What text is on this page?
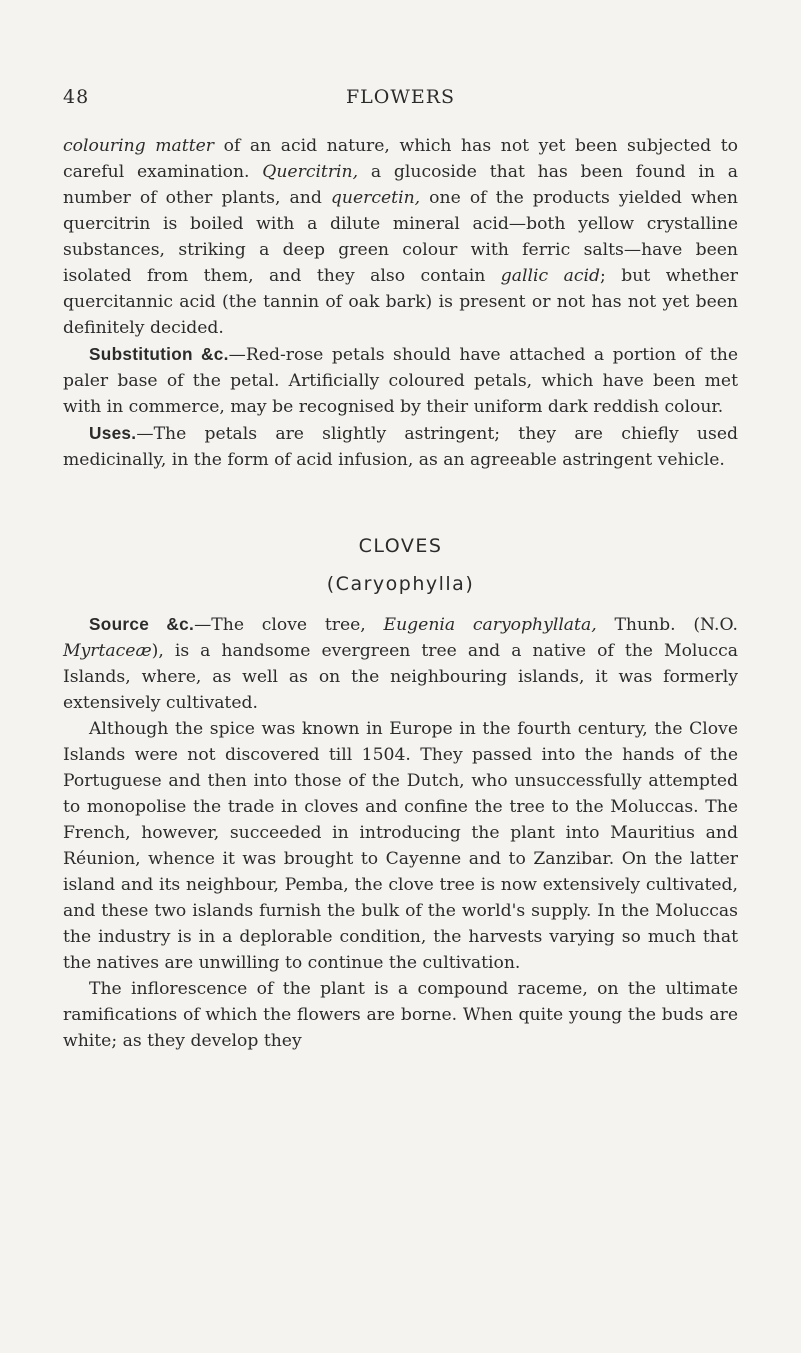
48	FLOWERS

colouring matter of an acid nature, which has not yet been subjected to careful examination. Quercitrin, a glucoside that has been found in a number of other plants, and quercetin, one of the products yielded when quercitrin is boiled with a dilute mineral acid—both yellow crystalline substances, striking a deep green colour with ferric salts—have been isolated from them, and they also contain gallic acid; but whether quercitannic acid (the tannin of oak bark) is present or not has not yet been definitely decided.

Substitution &c.—Red-rose petals should have attached a portion of the paler base of the petal. Artificially coloured petals, which have been met with in commerce, may be recognised by their uniform dark reddish colour.

Uses.—The petals are slightly astringent; they are chiefly used medicinally, in the form of acid infusion, as an agreeable astringent vehicle.

CLOVES
(Caryophylla)

Source &c.—The clove tree, Eugenia caryophyllata, Thunb. (N.O. Myrtaceæ), is a handsome evergreen tree and a native of the Molucca Islands, where, as well as on the neighbouring islands, it was formerly extensively cultivated.

Although the spice was known in Europe in the fourth century, the Clove Islands were not discovered till 1504. They passed into the hands of the Portuguese and then into those of the Dutch, who unsuccessfully attempted to monopolise the trade in cloves and confine the tree to the Moluccas. The French, however, succeeded in introducing the plant into Mauritius and Réunion, whence it was brought to Cayenne and to Zanzibar. On the latter island and its neighbour, Pemba, the clove tree is now extensively cultivated, and these two islands furnish the bulk of the world's supply. In the Moluccas the industry is in a deplorable condition, the harvests varying so much that the natives are unwilling to continue the cultivation.

The inflorescence of the plant is a compound raceme, on the ultimate ramifications of which the flowers are borne. When quite young the buds are white; as they develop they
